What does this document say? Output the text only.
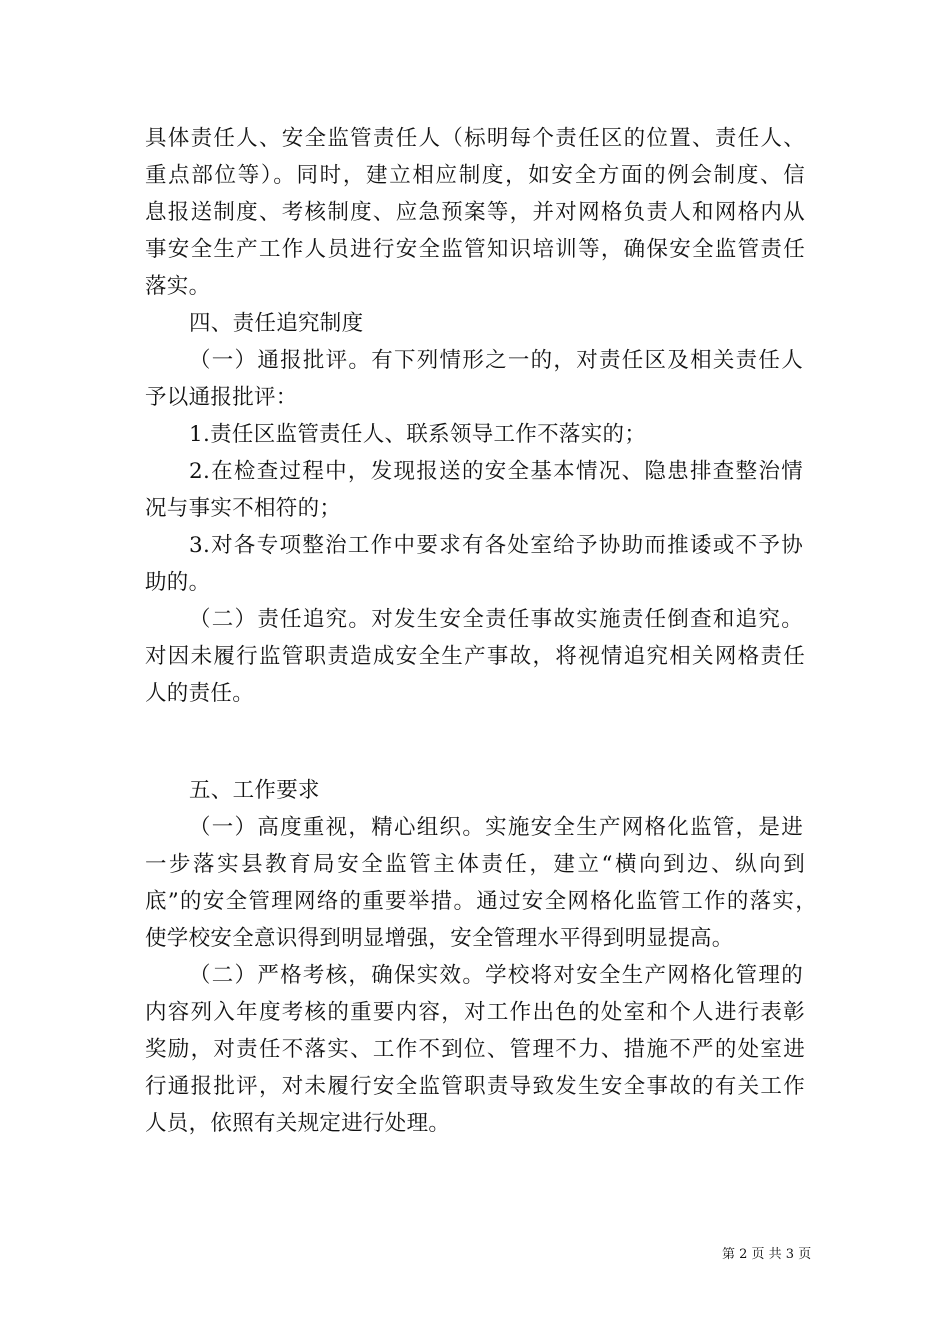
具体责任人、安全监管责任人（标明每个责任区的位置、责任人、
重点部位等）。同时，建立相应制度，如安全方面的例会制度、信
息报送制度、考核制度、应急预案等，并对网格负责人和网格内从
事安全生产工作人员进行安全监管知识培训等，确保安全监管责任
落实。
四、责任追究制度
（一）通报批评。有下列情形之一的，对责任区及相关责任人
予以通报批评：
1.责任区监管责任人、联系领导工作不落实的；
2.在检查过程中，发现报送的安全基本情况、隐患排查整治情
况与事实不相符的；
3.对各专项整治工作中要求有各处室给予协助而推诿或不予协
助的。
（二）责任追究。对发生安全责任事故实施责任倒查和追究。
对因未履行监管职责造成安全生产事故，将视情追究相关网格责任
人的责任。
五、工作要求
（一）高度重视，精心组织。实施安全生产网格化监管，是进
一步落实县教育局安全监管主体责任，建立“横向到边、纵向到
底”的安全管理网络的重要举措。通过安全网格化监管工作的落实，
使学校安全意识得到明显增强，安全管理水平得到明显提高。
（二）严格考核，确保实效。学校将对安全生产网格化管理的
内容列入年度考核的重要内容，对工作出色的处室和个人进行表彰
奖励，对责任不落实、工作不到位、管理不力、措施不严的处室进
行通报批评，对未履行安全监管职责导致发生安全事故的有关工作
人员，依照有关规定进行处理。
第 2 页 共 3 页
